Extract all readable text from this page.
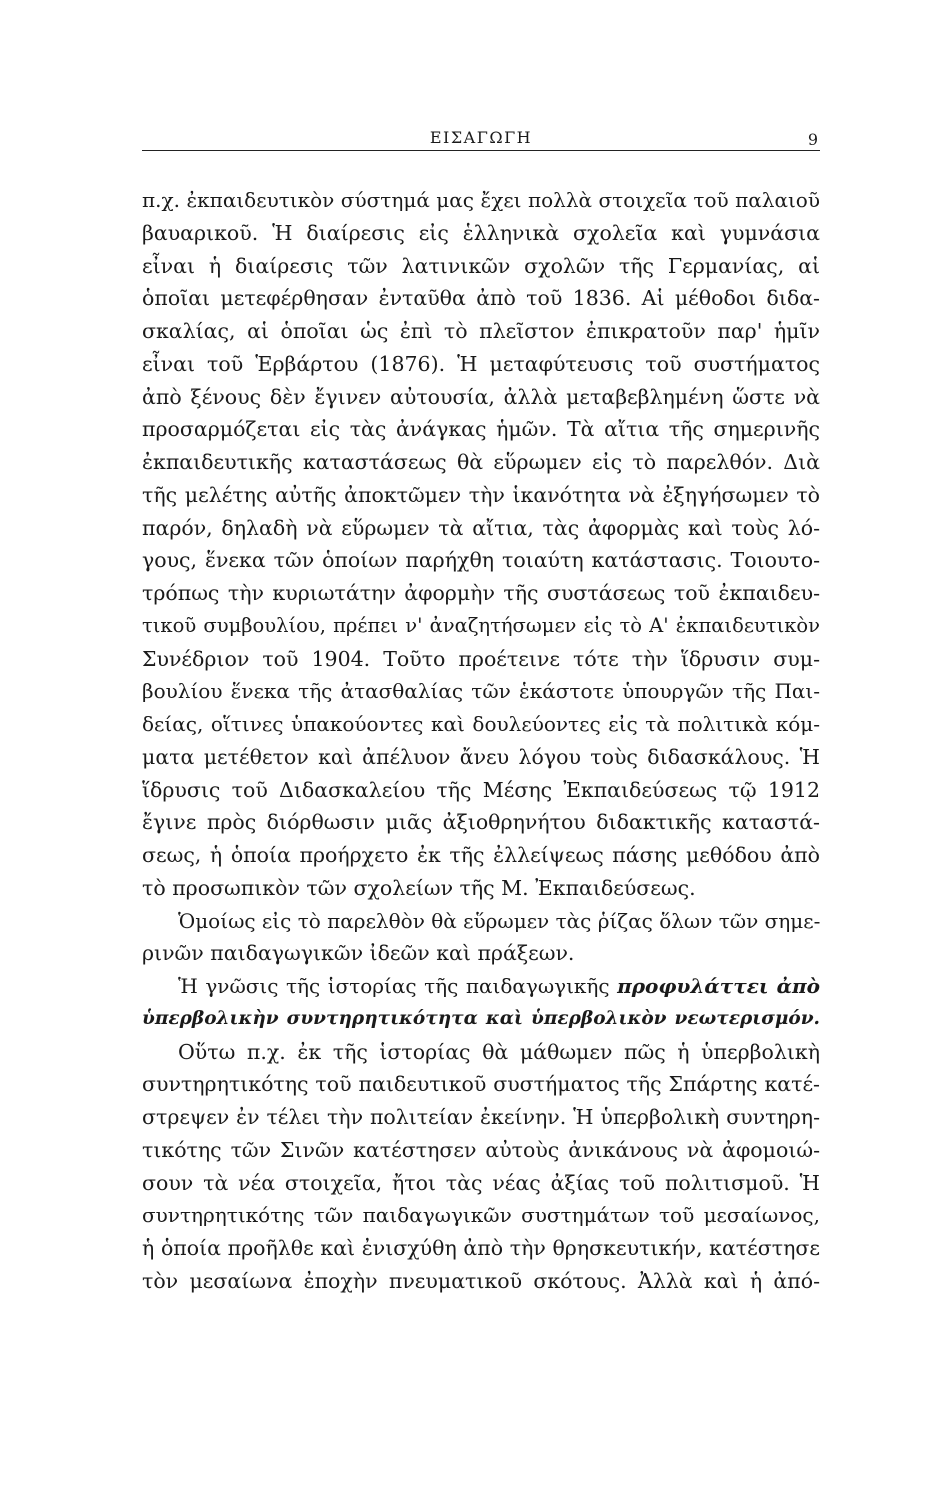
ΕΙΣΑΓΩΓΗ	9
π.χ. ἐκπαιδευτικὸν σύστημά μας ἔχει πολλὰ στοιχεῖα τοῦ παλαιοῦ
βαυαρικοῦ. Ἡ διαίρεσις εἰς ἑλληνικὰ σχολεῖα καὶ γυμνάσια
εἶναι ἡ διαίρεσις τῶν λατινικῶν σχολῶν τῆς Γερμανίας, αἱ
ὁποῖαι μετεφέρθησαν ἐνταῦθα ἀπὸ τοῦ 1836. Αἱ μέθοδοι διδα-
σκαλίας, αἱ ὁποῖαι ὡς ἐπὶ τὸ πλεῖστον ἐπικρατοῦν παρ' ἡμῖν
εἶναι τοῦ Ἑρβάρτου (1876). Ἡ μεταφύτευσις τοῦ συστήματος
ἀπὸ ξένους δὲν ἔγινεν αὐτουσία, ἀλλὰ μεταβεβλημένη ὥστε νὰ
προσαρμόζεται εἰς τὰς ἀνάγκας ἡμῶν. Τὰ αἴτια τῆς σημερινῆς
ἐκπαιδευτικῆς καταστάσεως θὰ εὕρωμεν εἰς τὸ παρελθόν. Διὰ
τῆς μελέτης αὐτῆς ἀποκτῶμεν τὴν ἱκανότητα νὰ ἐξηγήσωμεν τὸ
παρόν, δηλαδὴ νὰ εὕρωμεν τὰ αἴτια, τὰς ἀφορμὰς καὶ τοὺς λό-
γους, ἕνεκα τῶν ὁποίων παρήχθη τοιαύτη κατάστασις. Τοιουτο-
τρόπως τὴν κυριωτάτην ἀφορμὴν τῆς συστάσεως τοῦ ἐκπαιδευ-
τικοῦ συμβουλίου, πρέπει ν' ἀναζητήσωμεν εἰς τὸ Α' ἐκπαιδευτικὸν
Συνέδριον τοῦ 1904. Τοῦτο προέτεινε τότε τὴν ἵδρυσιν συμ-
βουλίου ἕνεκα τῆς ἀτασθαλίας τῶν ἑκάστοτε ὑπουργῶν τῆς Παι-
δείας, οἵτινες ὑπακούοντες καὶ δουλεύοντες εἰς τὰ πολιτικὰ κόμ-
ματα μετέθετον καὶ ἀπέλυον ἄνευ λόγου τοὺς διδασκάλους. Ἡ
ἵδρυσις τοῦ Διδασκαλείου τῆς Μέσης Ἐκπαιδεύσεως τῷ 1912
ἔγινε πρὸς διόρθωσιν μιᾶς ἀξιοθρηνήτου διδακτικῆς καταστά-
σεως, ἡ ὁποία προήρχετο ἐκ τῆς ἐλλείψεως πάσης μεθόδου ἀπὸ
τὸ προσωπικὸν τῶν σχολείων τῆς Μ. Ἐκπαιδεύσεως.
Ὁμοίως εἰς τὸ παρελθὸν θὰ εὕρωμεν τὰς ῥίζας ὅλων τῶν σημε-
ρινῶν παιδαγωγικῶν ἰδεῶν καὶ πράξεων.
Ἡ γνῶσις τῆς ἱστορίας τῆς παιδαγωγικῆς προφυλάττει ἀπὸ
ὑπερβολικὴν συντηρητικότητα καὶ ὑπερβολικὸν νεωτερισμόν.
Οὕτω π.χ. ἐκ τῆς ἱστορίας θὰ μάθωμεν πῶς ἡ ὑπερβολικὴ
συντηρητικότης τοῦ παιδευτικοῦ συστήματος τῆς Σπάρτης κατέ-
στρεψεν ἐν τέλει τὴν πολιτείαν ἐκείνην. Ἡ ὑπερβολικὴ συντηρη-
τικότης τῶν Σινῶν κατέστησεν αὐτοὺς ἀνικάνους νὰ ἀφομοιώ-
σουν τὰ νέα στοιχεῖα, ἤτοι τὰς νέας ἀξίας τοῦ πολιτισμοῦ. Ἡ
συντηρητικότης τῶν παιδαγωγικῶν συστημάτων τοῦ μεσαίωνος,
ἡ ὁποία προῆλθε καὶ ἐνισχύθη ἀπὸ τὴν θρησκευτικήν, κατέστησε
τὸν μεσαίωνα ἐποχὴν πνευματικοῦ σκότους. Ἀλλὰ καὶ ἡ ἀπό-
